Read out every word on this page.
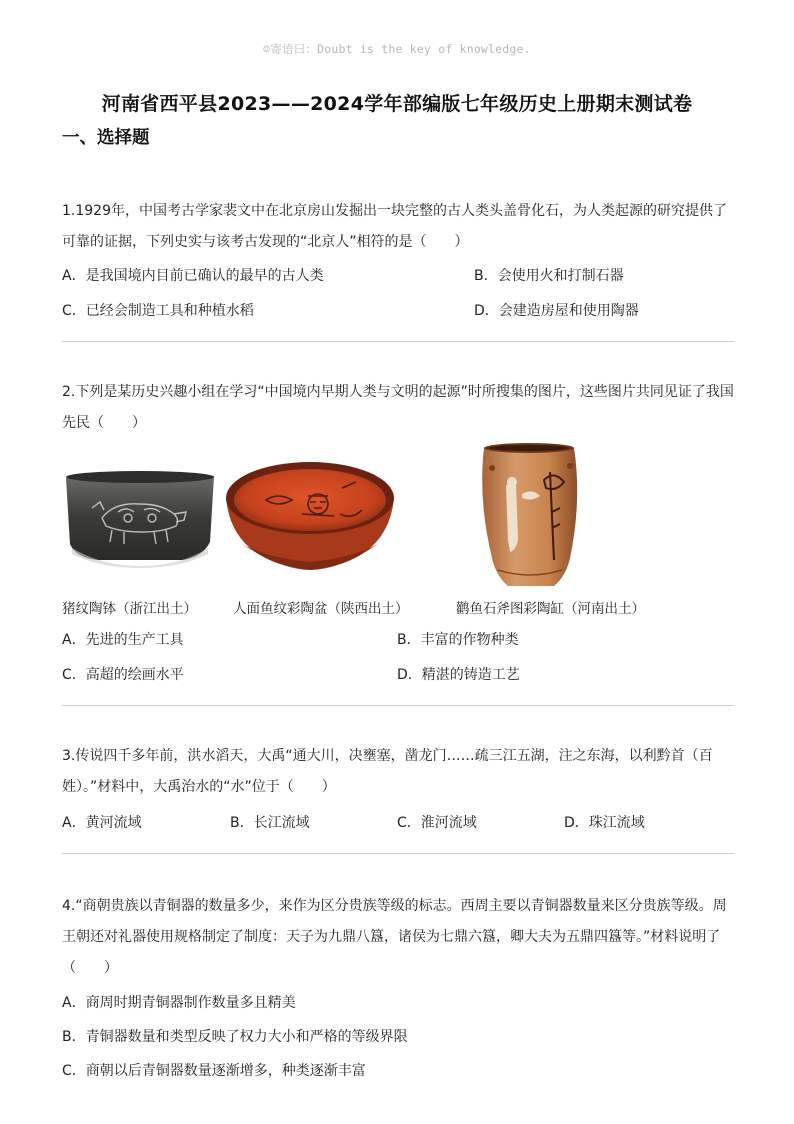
☺寄语曰：Doubt is the key of knowledge.
河南省西平县2023——2024学年部编版七年级历史上册期末测试卷
一、选择题
1.1929年，中国考古学家裴文中在北京房山发掘出一块完整的古人类头盖骨化石，为人类起源的研究提供了可靠的证据，下列史实与该考古发现的“北京人”相符的是（　　）
A．是我国境内目前已确认的最早的古人类	B．会使用火和打制石器
C．已经会制造工具和种植水稻	D．会建造房屋和使用陶器
2.下列是某历史兴趣小组在学习“中国境内早期人类与文明的起源”时所搜集的图片，这些图片共同见证了我国先民（　　）
猪纹陶钵（浙江出土）	人面鱼纹彩陶盆（陕西出土）	鹳鱼石斧图彩陶缸（河南出土）
A．先进的生产工具	B．丰富的作物种类
C．高超的绘画水平	D．精湛的铸造工艺
3.传说四千多年前，洪水滔天，大禹“通大川，决壅塞，凿龙门……疏三江五湖，注之东海，以利黔首（百姓）。”材料中，大禹治水的“水”位于（　　）
A．黄河流域	B．长江流域	C．淮河流域	D．珠江流域
4.“商朝贵族以青铜器的数量多少，来作为区分贵族等级的标志。西周主要以青铜器数量来区分贵族等级。周王朝还对礼器使用规格制定了制度：天子为九鼎八簋，诸侯为七鼎六簋，卿大夫为五鼎四簋等。”材料说明了（　　）
A．商周时期青铜器制作数量多且精美
B．青铜器数量和类型反映了权力大小和严格的等级界限
C．商朝以后青铜器数量逐渐增多，种类逐渐丰富
